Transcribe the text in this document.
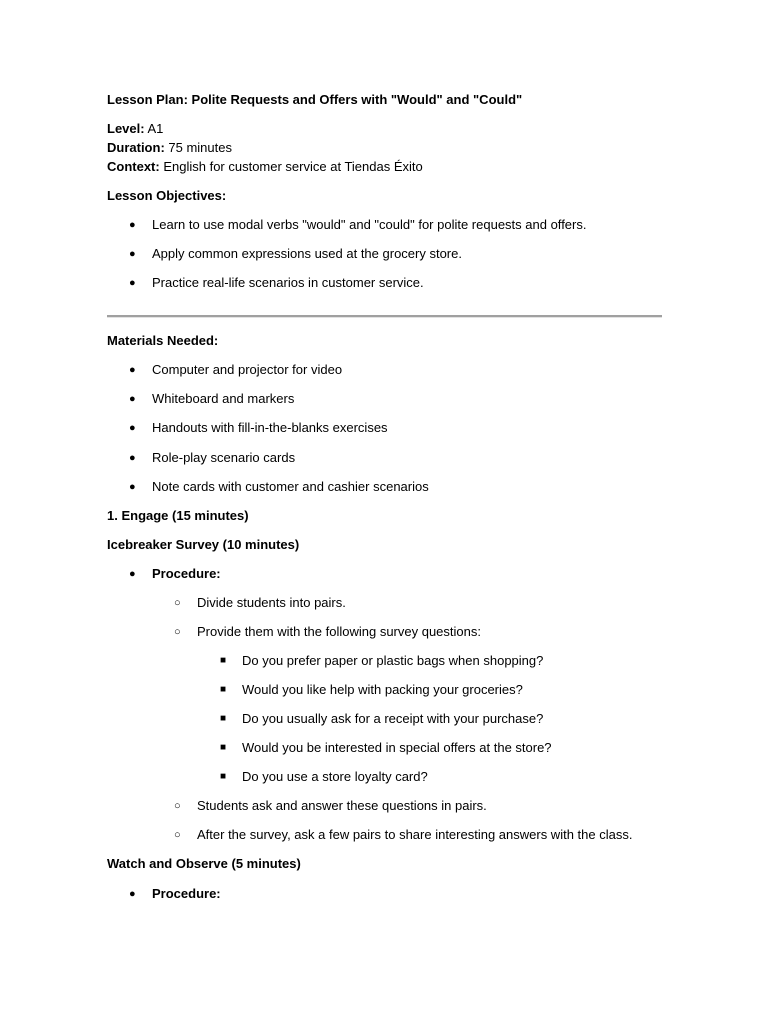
Lesson Plan: Polite Requests and Offers with "Would" and "Could"
Level: A1
Duration: 75 minutes
Context: English for customer service at Tiendas Éxito
Lesson Objectives:
● Learn to use modal verbs "would" and "could" for polite requests and offers.
● Apply common expressions used at the grocery store.
● Practice real-life scenarios in customer service.
Materials Needed:
● Computer and projector for video
● Whiteboard and markers
● Handouts with fill-in-the-blanks exercises
● Role-play scenario cards
● Note cards with customer and cashier scenarios
1. Engage (15 minutes)
Icebreaker Survey (10 minutes)
● Procedure:
○ Divide students into pairs.
○ Provide them with the following survey questions:
■ Do you prefer paper or plastic bags when shopping?
■ Would you like help with packing your groceries?
■ Do you usually ask for a receipt with your purchase?
■ Would you be interested in special offers at the store?
■ Do you use a store loyalty card?
○ Students ask and answer these questions in pairs.
○ After the survey, ask a few pairs to share interesting answers with the class.
Watch and Observe (5 minutes)
● Procedure:
